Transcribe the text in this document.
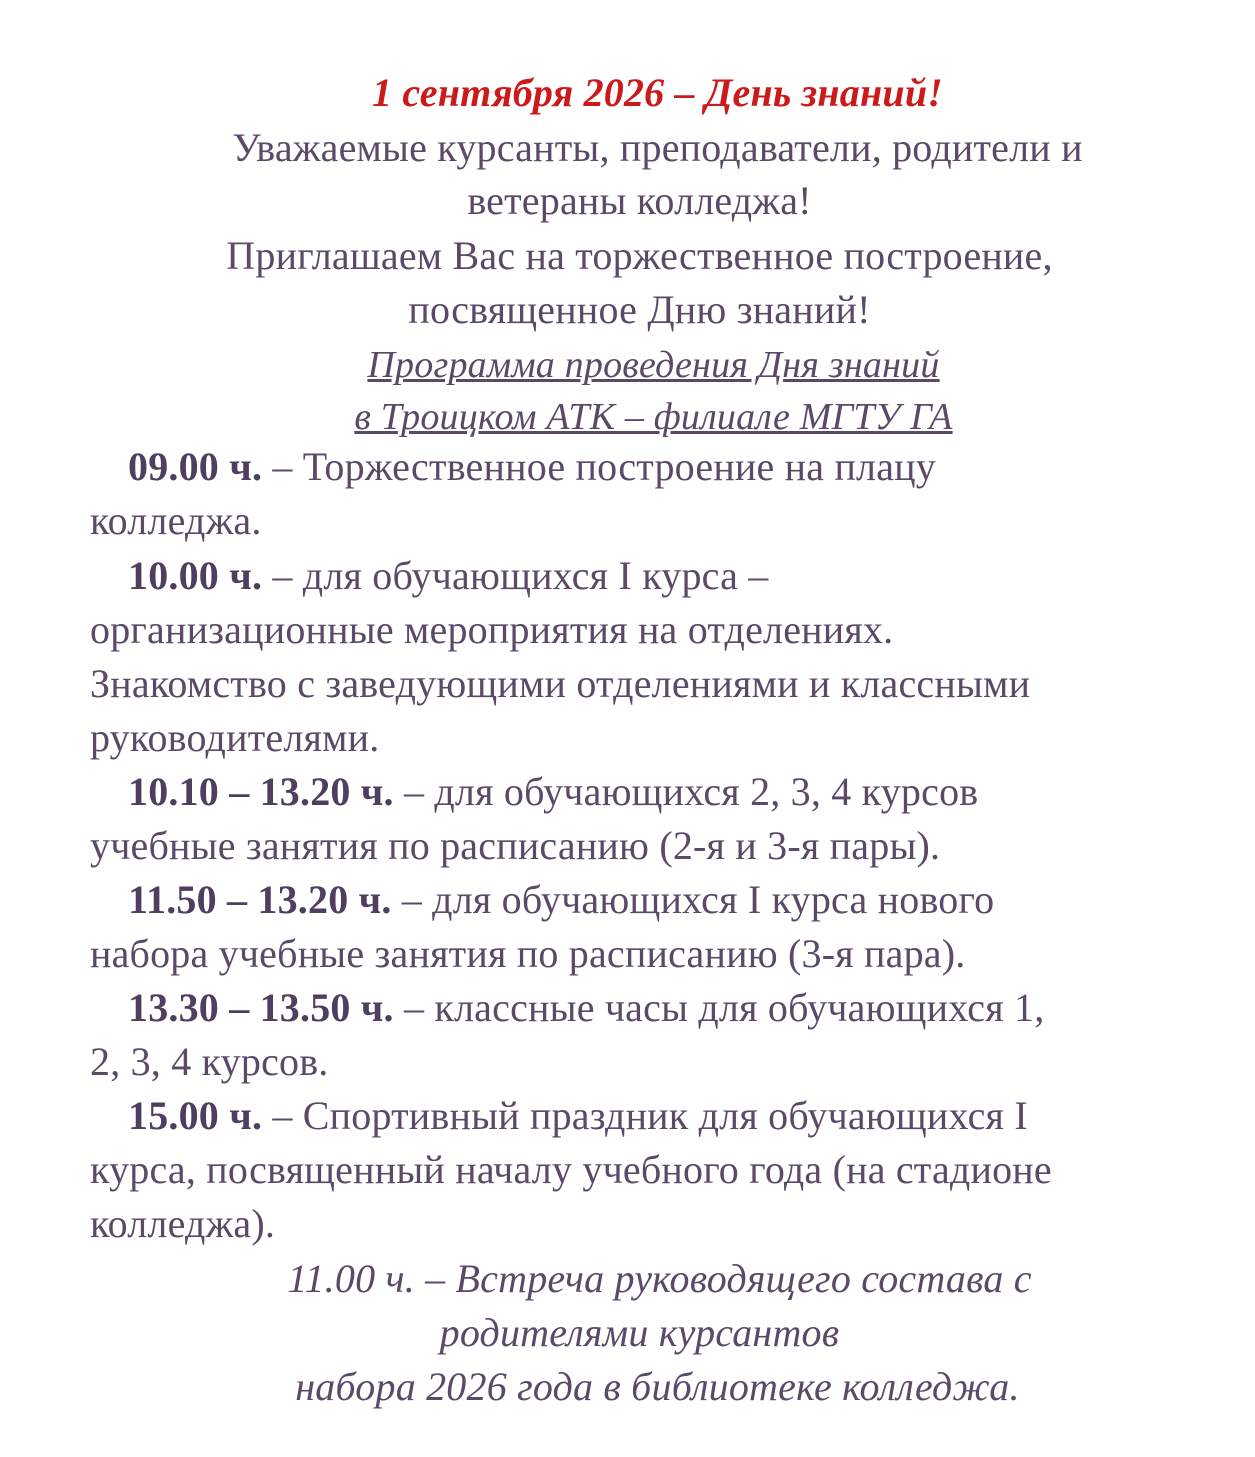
1 сентября 2026 – День знаний!
Уважаемые курсанты, преподаватели, родители и
ветераны колледжа!
Приглашаем Вас на торжественное построение,
посвященное Дню знаний!
Программа проведения Дня знаний
в Троицком АТК – филиале МГТУ ГА
09.00 ч. – Торжественное построение на плацу
колледжа.
10.00 ч. – для обучающихся I курса –
организационные мероприятия на отделениях.
Знакомство с заведующими отделениями и классными
руководителями.
10.10 – 13.20 ч. – для обучающихся 2, 3, 4 курсов
учебные занятия по расписанию (2-я и 3-я пары).
11.50 – 13.20 ч. – для обучающихся I курса нового
набора учебные занятия по расписанию (3-я пара).
13.30 – 13.50 ч. – классные часы для обучающихся 1,
2, 3, 4 курсов.
15.00 ч. – Спортивный праздник для обучающихся I
курса, посвященный началу учебного года (на стадионе
колледжа).
11.00 ч. – Встреча руководящего состава с
родителями курсантов
набора 2026 года в библиотеке колледжа.
